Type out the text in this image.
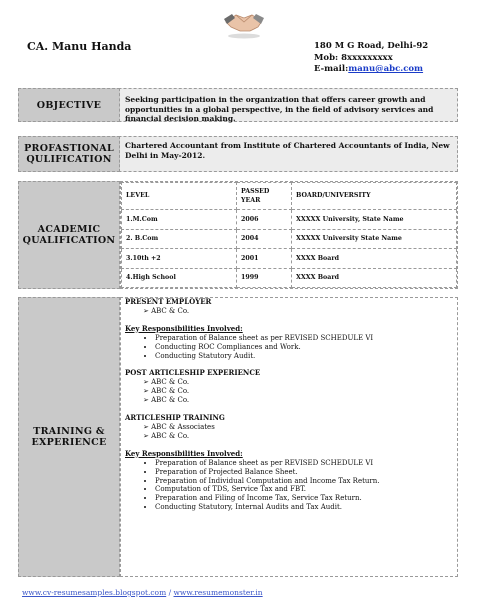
CA. Manu Handa	180 M G Road, Delhi-92
Mob: 8xxxxxxxxx
E-mail:manu@abc.com
OBJECTIVE	Seeking participation in the organization that offers career growth and opportunities in a global perspective, in the field of advisory services and financial decision making.
PROFASTIONAL QULIFICATION
Chartered Accountant from Institute of Chartered Accountants of India, New Delhi in May-2012.
ACADEMIC QUALIFICATION
LEVEL	PASSED YEAR	BOARD/UNIVERSITY
1.M.Com	2006	XXXXX University, State Name
2. B.Com	2004	XXXXX University State Name
3.10th +2	2001	XXXX Board
4.High School	1999	XXXX Board
TRAINING & EXPERIENCE
PRESENT EMPLOYER
➢ ABC & Co.
Key Responsibilities Involved:
• Preparation of Balance sheet as per REVISED SCHEDULE VI
• Conducting ROC Compliances and Work.
• Conducting Statutory Audit.
POST ARTICLESHIP EXPERIENCE
➢ ABC & Co.
➢ ABC & Co.
➢ ABC & Co.
ARTICLESHIP TRAINING
➢ ABC & Associates
➢ ABC & Co.
Key Responsibilities Involved:
• Preparation of Balance sheet as per REVISED SCHEDULE VI
• Preparation of Projected Balance Sheet.
• Preparation of Individual Computation and Income Tax Return.
• Computation of TDS, Service Tax and FBT.
• Preparation and Filing of Income Tax, Service Tax Return.
• Conducting Statutory, Internal Audits and Tax Audit.
www.cv-resumesamples.blogspot.com / www.resumemonster.in
